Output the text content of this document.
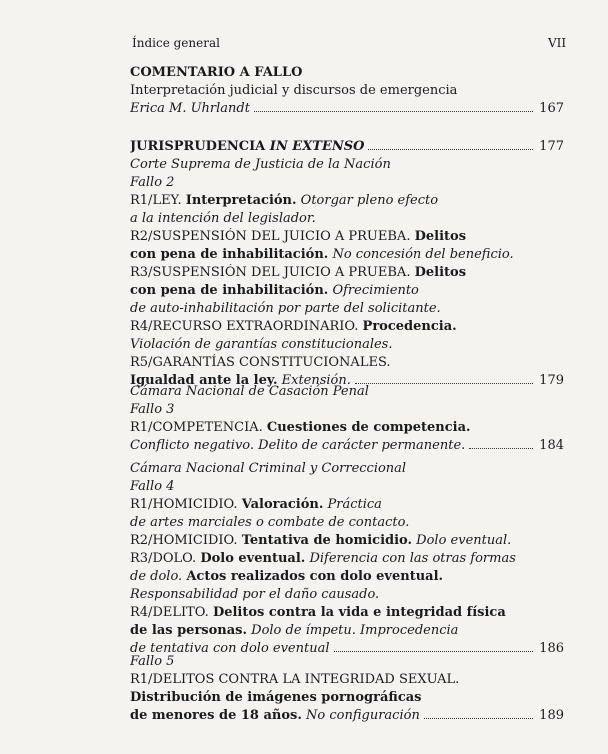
Índice general	VII
COMENTARIO A FALLO
Interpretación judicial y discursos de emergencia
Erica M. Uhrlandt	167
JURISPRUDENCIA IN EXTENSO	177
Corte Suprema de Justicia de la Nación
Fallo 2
R1/LEY. Interpretación. Otorgar pleno efecto
a la intención del legislador.
R2/SUSPENSIÓN DEL JUICIO A PRUEBA. Delitos
con pena de inhabilitación. No concesión del beneficio.
R3/SUSPENSIÓN DEL JUICIO A PRUEBA. Delitos
con pena de inhabilitación. Ofrecimiento
de auto-inhabilitación por parte del solicitante.
R4/RECURSO EXTRAORDINARIO. Procedencia.
Violación de garantías constitucionales.
R5/GARANTÍAS CONSTITUCIONALES.
Igualdad ante la ley. Extensión.	179
Cámara Nacional de Casación Penal
Fallo 3
R1/COMPETENCIA. Cuestiones de competencia.
Conflicto negativo. Delito de carácter permanente.	184
Cámara Nacional Criminal y Correccional
Fallo 4
R1/HOMICIDIO. Valoración. Práctica
de artes marciales o combate de contacto.
R2/HOMICIDIO. Tentativa de homicidio. Dolo eventual.
R3/DOLO. Dolo eventual. Diferencia con las otras formas
de dolo. Actos realizados con dolo eventual.
Responsabilidad por el daño causado.
R4/DELITO. Delitos contra la vida e integridad física
de las personas. Dolo de ímpetu. Improcedencia
de tentativa con dolo eventual	186
Fallo 5
R1/DELITOS CONTRA LA INTEGRIDAD SEXUAL.
Distribución de imágenes pornográficas
de menores de 18 años. No configuración	189
